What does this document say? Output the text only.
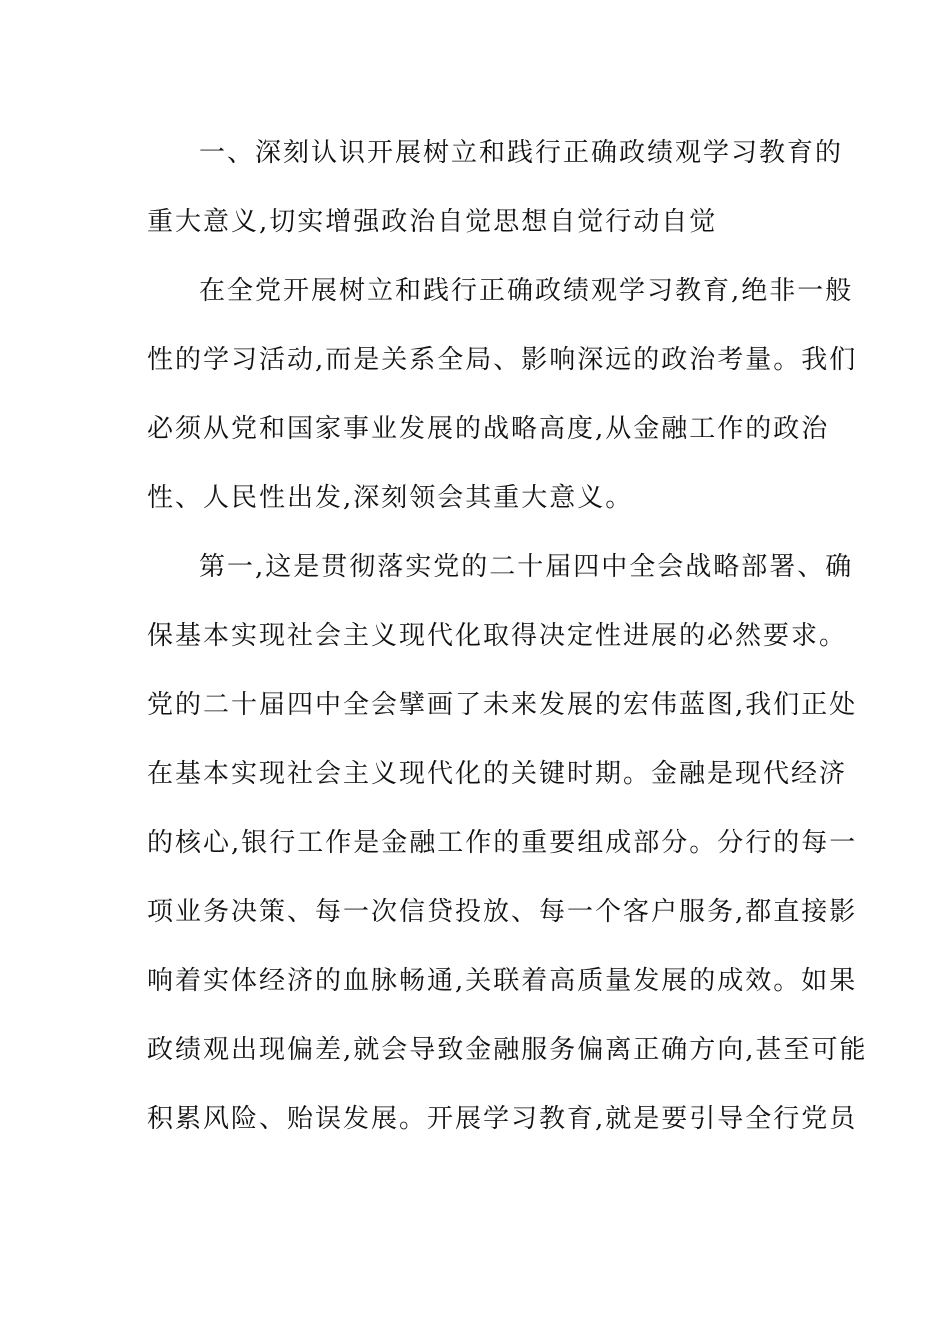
一、深刻认识开展树立和践行正确政绩观学习教育的
重大意义,切实增强政治自觉思想自觉行动自觉
在全党开展树立和践行正确政绩观学习教育,绝非一般
性的学习活动,而是关系全局、影响深远的政治考量。我们
必须从党和国家事业发展的战略高度,从金融工作的政治
性、人民性出发,深刻领会其重大意义。
第一,这是贯彻落实党的二十届四中全会战略部署、确
保基本实现社会主义现代化取得决定性进展的必然要求。
党的二十届四中全会擘画了未来发展的宏伟蓝图,我们正处
在基本实现社会主义现代化的关键时期。金融是现代经济
的核心,银行工作是金融工作的重要组成部分。分行的每一
项业务决策、每一次信贷投放、每一个客户服务,都直接影
响着实体经济的血脉畅通,关联着高质量发展的成效。如果
政绩观出现偏差,就会导致金融服务偏离正确方向,甚至可能
积累风险、贻误发展。开展学习教育,就是要引导全行党员
